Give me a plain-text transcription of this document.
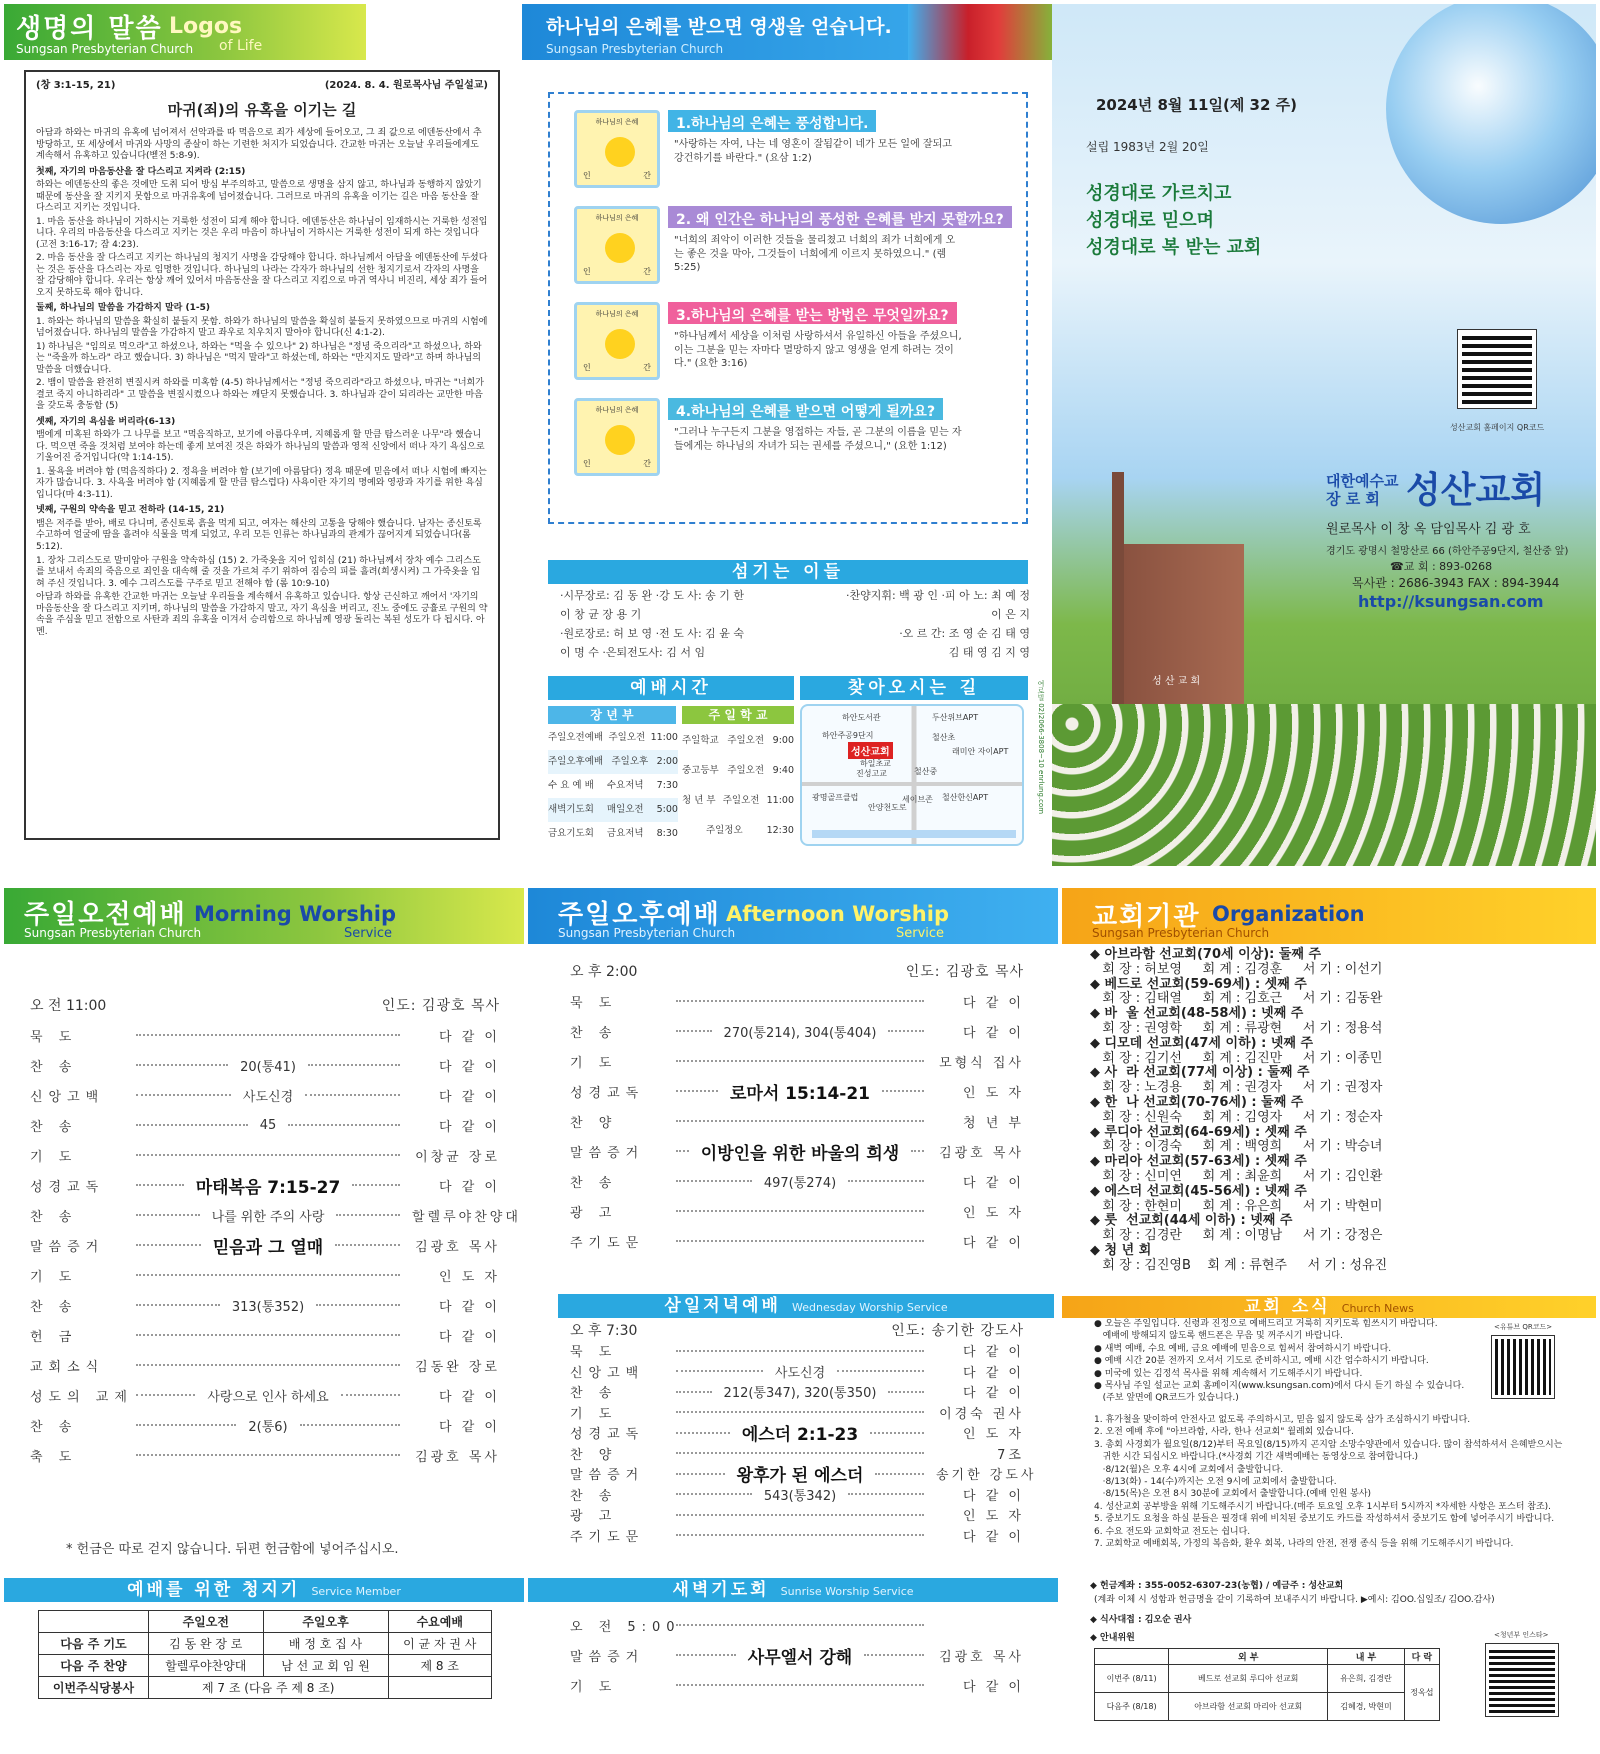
생명의 말씀 Logos
of Life
Sungsan Presbyterian Church
(창 3:1-15, 21)	(2024. 8. 4. 원로목사님 주일설교)
마귀(죄)의 유혹을 이기는 길

아담과 하와는 마귀의 유혹에 넘어져서 선악과를 따 먹음으로 죄가 세상에 들어오고, 그 죄 값으로 에덴동산에서 추방당하고, 또 세상에서 마귀와 사망의 종살이 하는 기련한 처지가 되었습니다. 간교한 마귀는 오늘날 우리들에게도 계속해서 유혹하고 있습니다(벧전 5:8-9).

첫째, 자기의 마음동산을 잘 다스리고 지켜라 (2:15)

하와는 에덴동산의 좋은 것에만 도취 되어 방심 부주의하고, 말씀으로 생명을 삼지 않고, 하나님과 동행하지 않았기 때문에 동산을 잘 지키지 못함으로 마귀유혹에 넘어졌습니다. 그러므로 마귀의 유혹을 이기는 길은 마음 동산을 잘 다스리고 지키는 것입니다.

1. 마음 동산을 하나님이 거하시는 거룩한 성전이 되게 해야 합니다. 에덴동산은 하나님이 임재하시는 거룩한 성전입니다. 우리의 마음동산을 다스리고 지키는 것은 우리 마음이 하나님이 거하시는 거룩한 성전이 되게 하는 것입니다(고전 3:16-17; 잠 4:23).

2. 마음 동산을 잘 다스리고 지키는 하나님의 청지기 사명을 감당해야 합니다. 하나님께서 아담을 에덴동산에 두셨다는 것은 동산을 다스리는 자로 임명한 것입니다. 하나님의 나라는 각자가 하나님의 선한 청지기로서 각자의 사명을 잘 감당해야 합니다. 우리는 항상 깨어 있어서 마음동산을 잘 다스리고 지킴으로 마귀 역사니 비진리, 세상 죄가 들어오지 못하도록 해야 합니다.

둘째, 하나님의 말씀을 가감하지 말라 (1-5)

1. 하와는 하나님의 말씀을 확실히 붙들지 못함. 하와가 하나님의 말씀을 확실히 붙들지 못하였으므로 마귀의 시험에 넘어졌습니다. 하나님의 말씀을 가감하지 말고 좌우로 치우치지 말아야 합니다(신 4:1-2).

1) 하나님은 "임의로 먹으라"고 하셨으나, 하와는 "먹을 수 있으나" 2) 하나님은 "정녕 죽으리라"고 하셨으나, 하와는 "죽을까 하노라" 라고 했습니다. 3) 하나님은 "먹지 말라"고 하셨는데, 하와는 "만지지도 말라"고 하며 하나님의 말씀을 더했습니다.

2. 뱀이 말씀을 완전히 변질시켜 하와를 미혹함 (4-5) 하나님께서는 "정녕 죽으리라"라고 하셨으나, 마귀는 "너희가 결코 죽지 아니하리라" 고 말씀을 변질시켰으나 하와는 깨닫지 못했습니다. 3. 하나님과 같이 되리라는 교만한 마음을 갖도록 충동함 (5)

셋째, 자기의 욕심을 버리라(6-13)

뱀에게 미혹된 하와가 그 나무를 보고 "먹음직하고, 보기에 아름다우며, 지혜롭게 할 만큼 탐스러운 나무"라 했습니다. 먹으면 죽을 것처럼 보여야 하는데 좋게 보여진 것은 하와가 하나님의 말씀과 영적 신앙에서 떠나 자기 욕심으로 기울어진 증거입니다(약 1:14-15).

1. 물욕을 버려야 함 (먹음직하다) 2. 정욕을 버려야 함 (보기에 아름답다) 정욕 때문에 믿음에서 떠나 시험에 빠지는 자가 많습니다. 3. 사욕을 버려야 함 (지혜롭게 할 만큼 탐스럽다) 사욕이란 자기의 명예와 영광과 자기를 위한 욕심입니다(마 4:3-11).

넷째, 구원의 약속을 믿고 전하라 (14-15, 21)

뱀은 저주를 받아, 배로 다니며, 종신토록 흙을 먹게 되고, 여자는 해산의 고통을 당해야 했습니다. 남자는 종신토록 수고하여 얼굴에 땀을 흘려야 식물을 먹게 되었고, 우리 모든 인류는 하나님과의 관계가 끊어지게 되었습니다(롬 5:12).

1. 장차 그리스도로 말미암아 구원을 약속하심 (15) 2. 가죽옷을 지어 입히심 (21) 하나님께서 장차 예수 그리스도를 보내서 속죄의 죽음으로 죄인을 대속해 줄 것을 가르쳐 주기 위하여 짐승의 피를 흘려(희생시켜) 그 가죽옷을 입혀 주신 것입니다. 3. 예수 그리스도를 구주로 믿고 전해야 함 (롬 10:9-10)

아담과 하와를 유혹한 간교한 마귀는 오늘날 우리들을 계속해서 유혹하고 있습니다. 항상 근신하고 깨어서 '자기의 마음동산을 잘 다스리고 지키며, 하나님의 말씀을 가감하지 말고, 자기 욕심을 버리고, 진노 중에도 긍휼로 구원의 약속을 주심을 믿고 전함으로 사탄과 죄의 유혹을 이겨서 승리함으로 하나님께 영광 돌리는 복된 성도가 다 됩시다. 아멘.

하나님의 은혜를 받으면 영생을 얻습니다.
Sungsan Presbyterian Church
하나님의 은혜
인	간
1.하나님의 은혜는 풍성합니다.
"사랑하는 자여, 나는 네 영혼이 잘됨같이 네가 모든 일에 잘되고 강건하기를 바란다." (요삼 1:2)
하나님의 은혜
인	간
2. 왜 인간은 하나님의 풍성한 은혜를 받지 못할까요?
"너희의 죄악이 이러한 것들을 물리쳤고 너희의 죄가 너희에게 오는 좋은 것을 막아, 그것들이 너희에게 이르지 못하였으니." (렘 5:25)
하나님의 은혜
인	간
3.하나님의 은혜를 받는 방법은 무엇일까요?
"하나님께서 세상을 이처럼 사랑하셔서 유일하신 아들을 주셨으니, 이는 그분을 믿는 자마다 멸망하지 않고 영생을 얻게 하려는 것이다." (요한 3:16)
하나님의 은혜
인	간
4.하나님의 은혜를 받으면 어떻게 될까요?
"그러나 누구든지 그분을 영접하는 자들, 곧 그분의 이름을 믿는 자들에게는 하나님의 자녀가 되는 권세를 주셨으니," (요한 1:12)
섬기는 이들
·시무장로: 김 동 완 ·강 도 사: 송 기 한
이 창 균 장 용 기
·원로장로: 허 보 영 ·전 도 사: 김 윤 숙
이 명 수 ·은퇴전도사: 김 서 임
·찬양지휘: 백 광 인 ·피 아 노: 최 예 정
이 은 지
·오 르 간: 조 영 순 김 태 영
김 태 영 김 지 영
예배시간
장 년 부	주 일 학 교
주일오전예배 주일오전 11:00
주일오후예배 주일오후 2:00
수 요 예 배 수요저녁 7:30
새벽기도회 매일오전 5:00
금요기도회 금요저녁 8:30
주일학교 주일오전 9:00
중고등부 주일오전 9:40
청 년 부 주일오전 11:00
주일정오	12:30
찾아오시는 길
하안도서관	두산위브APT
하안주공9단지	철산초
성산교회	래미안 자이APT
하일초교
진성고교	철산중
광명골프클럽	세이브존 철산한신APT
안양천도로	여로빌 02)2066-3808~10 enrlung.com
2024년 8월 11일(제 32 주)
설립 1983년 2월 20일
성경대로 가르치고
성경대로 믿으며
성경대로 복 받는 교회
성산교회 홈페이지 QR코드
대한예수교
장 로 회 성산교회
원로목사 이 창 옥 담임목사 김 광 호
경기도 광명시 철망산로 66 (하안주공9단지, 철산중 앞)
☎교 회 : 893-0268
목사관 : 2686-3943 FAX : 894-3944
http://ksungsan.com
성 산 교 회
주일오전예배 Morning Worship
Service
Sungsan Presbyterian Church
오 전 11:00	인도: 김광호 목사
묵 도	다 같 이
찬 송	20(통41)	다 같 이
신앙고백	사도신경	다 같 이
찬 송	45	다 같 이
기 도	이창균 장로
성경교독	마태복음 7:15-27	다 같 이
찬 송	나를 위한 주의 사랑	할렐루야찬양대
말씀증거	믿음과 그 열매	김광호 목사
기 도	인 도 자
찬 송	313(통352)	다 같 이
헌 금	다 같 이
교회소식	김동완 장로
성도의 교제	사랑으로 인사 하세요	다 같 이
찬 송	2(통6)	다 같 이
축 도	김광호 목사
* 헌금은 따로 걷지 않습니다. 뒤편 헌금함에 넣어주십시오.
예배를 위한 청지기 Service Member
	주일오전	주일오후	수요예배
다음 주 기도	김 동 완 장 로	배 정 호 집 사	이 균 자 권 사
다음 주 찬양	할렐루야찬양대	남 선 교 회 임 원	제 8 조
이번주식당봉사	제 7 조 (다음 주 제 8 조)		
주일오후예배 Afternoon Worship
Service
Sungsan Presbyterian Church
오 후 2:00	인도: 김광호 목사
묵 도	다 같 이
찬 송	270(통214), 304(통404)	다 같 이
기 도	모형식 집사
성경교독	로마서 15:14-21	인 도 자
찬 양	청 년 부
말씀증거	이방인을 위한 바울의 희생	김광호 목사
찬 송	497(통274)	다 같 이
광 고	인 도 자
주기도문	다 같 이
삼일저녁예배 Wednesday Worship Service
오 후 7:30	인도: 송기한 강도사
묵 도	다 같 이
신앙고백	사도신경	다 같 이
찬 송	212(통347), 320(통350)	다 같 이
기 도	이경숙 권사
성경교독	에스더 2:1-23	인 도 자
찬 양	7조
말씀증거	왕후가 된 에스더	송기한 강도사
찬 송	543(통342)	다 같 이
광 고	인 도 자
주기도문	다 같 이
새벽기도회 Sunrise Worship Service
오 전 5:00
말씀증거	사무엘서 강해	김광호 목사
기 도	다 같 이
교회기관 Organization
Sungsan Presbyterian Church
◆ 아브라함 선교회(70세 이상): 둘째 주
회 장 : 허보영     회 계 : 김경훈     서 기 : 이선기
◆ 베드로 선교회(59-69세) : 셋째 주
회 장 : 김태열     회 계 : 김호근     서 기 : 김동완
◆ 바  울 선교회(48-58세) : 넷째 주
회 장 : 권영학     회 계 : 류광현     서 기 : 정용석
◆ 디모데 선교회(47세 이하) : 넷째 주
회 장 : 김기선     회 계 : 김진만     서 기 : 이종민
◆ 사  라 선교회(77세 이상) : 둘째 주
회 장 : 노경용     회 계 : 권경자     서 기 : 권정자
◆ 한  나 선교회(70-76세) : 둘째 주
회 장 : 신원숙     회 계 : 김영자     서 기 : 정순자
◆ 루디아 선교회(64-69세) : 셋째 주
회 장 : 이경숙     회 계 : 백영희     서 기 : 박승녀
◆ 마리아 선교회(57-63세) : 셋째 주
회 장 : 신미연     회 계 : 최윤희     서 기 : 김인환
◆ 에스더 선교회(45-56세) : 넷째 주
회 장 : 한현미     회 계 : 유은희     서 기 : 박현미
◆ 룻  선교회(44세 이하) : 넷째 주
회 장 : 김경란     회 계 : 이명남     서 기 : 강정은
◆ 청 년 회
회 장 : 김진영B    회 계 : 류현주     서 기 : 성유진
교회 소식 Church News
● 오늘은 주일입니다. 신령과 진정으로 예배드리고 거룩히 지키도록 힘쓰시기 바랍니다.
예배에 방해되지 않도록 핸드폰은 무음 및 꺼주시기 바랍니다.
● 새벽 예배, 수요 예배, 금요 예배에 믿음으로 힘써서 참여하시기 바랍니다.
● 예배 시간 20분 전까지 오셔서 기도로 준비하시고, 예배 시간 엄수하시기 바랍니다.
● 미국에 있는 김정석 목사를 위해 계속해서 기도해주시기 바랍니다.
● 목사님 주일 설교는 교회 홈페이지(www.ksungsan.com)에서 다시 듣기 하실 수 있습니다.
(주보 앞면에 QR코드가 있습니다.)
<유튜브 QR코드>
1. 휴가철을 맞이하여 안전사고 없도록 주의하시고, 믿음 잃지 않도록 삼가 조심하시기 바랍니다.
2. 오전 예배 후에 "아브라함, 사라, 한나 선교회" 월례회 있습니다.
3. 총회 사경회가 월요일(8/12)부터 목요일(8/15)까지 곤지암 소망수양관에서 있습니다. 많이 참석하셔서 은혜받으시는
귀한 시간 되십시오 바랍니다.(*사경회 기간 새벽예배는 동영상으로 참여합니다.)
·8/12(월)은 오후 4시에 교회에서 출발합니다.
·8/13(화) - 14(수)까지는 오전 9시에 교회에서 출발합니다.
·8/15(목)은 오전 8시 30분에 교회에서 출발합니다.(예배 인원 봉사)
4. 성산교회 공부방을 위해 기도해주시기 바랍니다.(매주 토요일 오후 1시부터 5시까지 *자세한 사항은 포스터 참조).
5. 중보기도 요청을 하실 분들은 필경대 위에 비치된 중보기도 카드를 작성하셔서 중보기도 함에 넣어주시기 바랍니다.
6. 수요 전도와 교회학교 전도는 쉽니다.
7. 교회학교 예배회복, 가정의 복음화, 환우 회복, 나라의 안전, 전쟁 종식 등을 위해 기도해주시기 바랍니다.
◆ 헌금계좌 : 355-0052-6307-23(농협) / 예금주 : 성산교회
(계좌 이체 시 성함과 헌금명을 같이 기록하여 보내주시기 바랍니다. ▶예시: 김OO.십일조/ 김OO.감사)
◆ 식사대접 : 김오순 권사
◆ 안내위원
	외 부	내 부	다 락
이번주 (8/11)	베드로 선교회 루디아 선교회	유은희, 김경란	정옥섭
다음주 (8/18)	아브라함 선교회 마리아 선교회	김혜경, 박현미	
<청년부 인스타>
